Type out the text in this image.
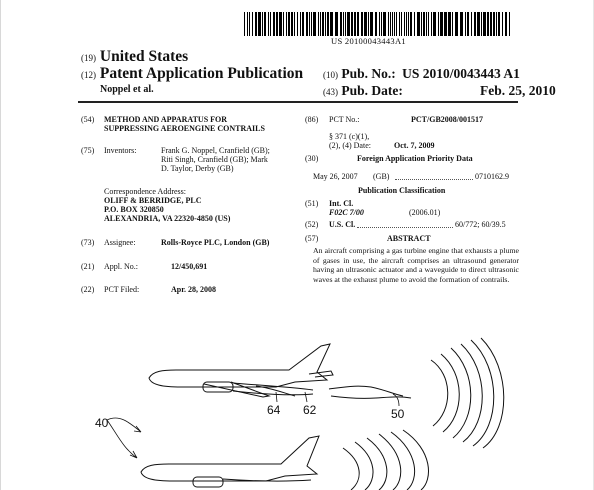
US 20100043443A1
(19) United States
(12) Patent Application Publication
Noppel et al.
(10) Pub. No.: US 2010/0043443 A1
(43) Pub. Date:	Feb. 25, 2010
(54) METHOD AND APPARATUS FOR
SUPPRESSING AEROENGINE CONTRAILS
(75) Inventors:	Frank G. Noppel, Cranfield (GB);
Riti Singh, Cranfield (GB); Mark
D. Taylor, Derby (GB)
Correspondence Address:
OLIFF & BERRIDGE, PLC
P.O. BOX 320850
ALEXANDRIA, VA 22320-4850 (US)
(73) Assignee:	Rolls-Royce PLC, London (GB)
(21) Appl. No.:	12/450,691
(22) PCT Filed:	Apr. 28, 2008
(86) PCT No.:	PCT/GB2008/001517
§ 371 (c)(1),
(2), (4) Date:	Oct. 7, 2009
(30)	Foreign Application Priority Data
May 26, 2007 (GB)	0710162.9
Publication Classification
(51) Int. Cl.
F02C 7/00	(2006.01)
(52) U.S. Cl.	60/772; 60/39.5
(57)	ABSTRACT
An aircraft comprising a gas turbine engine that exhausts a plume of gases in use, the aircraft comprises an ultrasound generator having an ultrasonic actuator and a waveguide to direct ultrasonic waves at the exhaust plume to avoid the formation of contrails.
64 62	50
40
